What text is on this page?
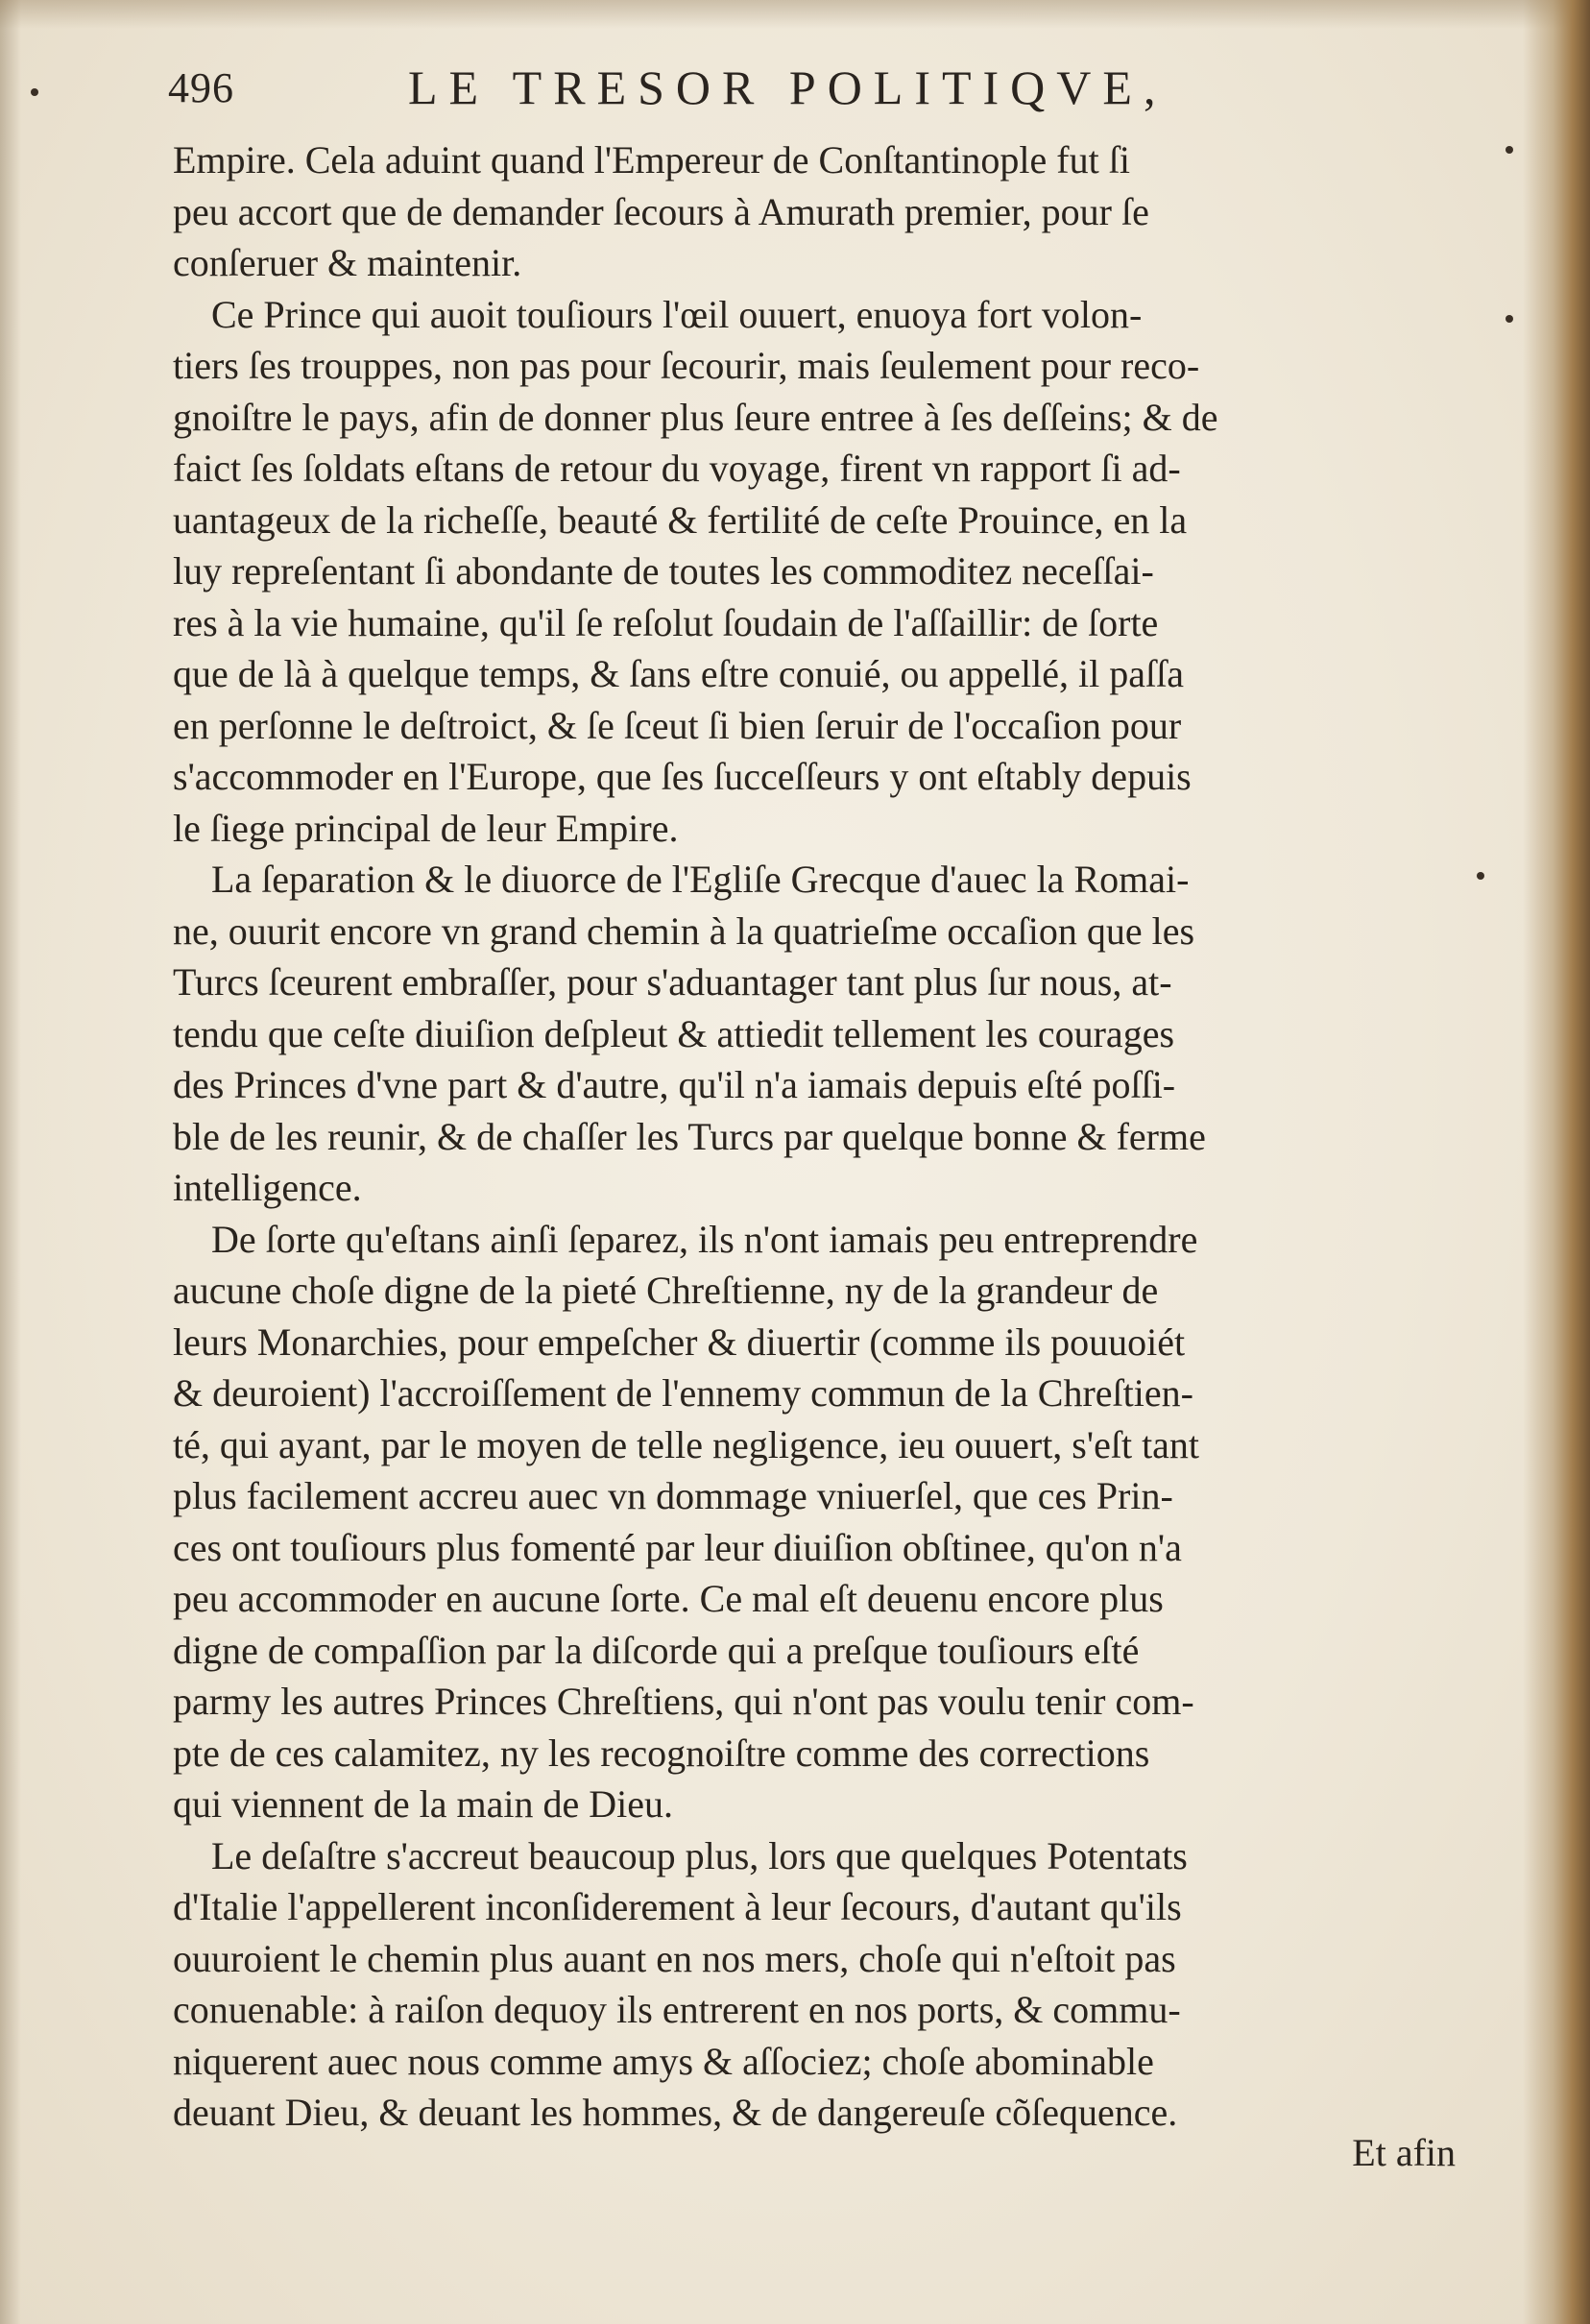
496	LE TRESOR POLITIQVE,
Empire. Cela aduint quand l'Empereur de Conſtantinople fut ſi
peu accort que de demander ſecours à Amurath premier, pour ſe
conſeruer & maintenir.
Ce Prince qui auoit touſiours l'œil ouuert, enuoya fort volon-
tiers ſes trouppes, non pas pour ſecourir, mais ſeulement pour reco-
gnoiſtre le pays, afin de donner plus ſeure entree à ſes deſſeins; & de
faict ſes ſoldats eſtans de retour du voyage, firent vn rapport ſi ad-
uantageux de la richeſſe, beauté & fertilité de ceſte Prouince, en la
luy repreſentant ſi abondante de toutes les commoditez neceſſai-
res à la vie humaine, qu'il ſe reſolut ſoudain de l'aſſaillir: de ſorte
que de là à quelque temps, & ſans eſtre conuié, ou appellé, il paſſa
en perſonne le deſtroict, & ſe ſceut ſi bien ſeruir de l'occaſion pour
s'accommoder en l'Europe, que ſes ſucceſſeurs y ont eſtably depuis
le ſiege principal de leur Empire.
La ſeparation & le diuorce de l'Egliſe Grecque d'auec la Romai-
ne, ouurit encore vn grand chemin à la quatrieſme occaſion que les
Turcs ſceurent embraſſer, pour s'aduantager tant plus ſur nous, at-
tendu que ceſte diuiſion deſpleut & attiedit tellement les courages
des Princes d'vne part & d'autre, qu'il n'a iamais depuis eſté poſſi-
ble de les reunir, & de chaſſer les Turcs par quelque bonne & ferme
intelligence.
De ſorte qu'eſtans ainſi ſeparez, ils n'ont iamais peu entreprendre
aucune choſe digne de la pieté Chreſtienne, ny de la grandeur de
leurs Monarchies, pour empeſcher & diuertir (comme ils pouuoiét
& deuroient) l'accroiſſement de l'ennemy commun de la Chreſtien-
té, qui ayant, par le moyen de telle negligence, ieu ouuert, s'eſt tant
plus facilement accreu auec vn dommage vniuerſel, que ces Prin-
ces ont touſiours plus fomenté par leur diuiſion obſtinee, qu'on n'a
peu accommoder en aucune ſorte. Ce mal eſt deuenu encore plus
digne de compaſſion par la diſcorde qui a preſque touſiours eſté
parmy les autres Princes Chreſtiens, qui n'ont pas voulu tenir com-
pte de ces calamitez, ny les recognoiſtre comme des corrections
qui viennent de la main de Dieu.
Le deſaſtre s'accreut beaucoup plus, lors que quelques Potentats
d'Italie l'appellerent inconſiderement à leur ſecours, d'autant qu'ils
ouuroient le chemin plus auant en nos mers, choſe qui n'eſtoit pas
conuenable: à raiſon dequoy ils entrerent en nos ports, & commu-
niquerent auec nous comme amys & aſſociez; choſe abominable
deuant Dieu, & deuant les hommes, & de dangereuſe cõſequence.
Et afin
